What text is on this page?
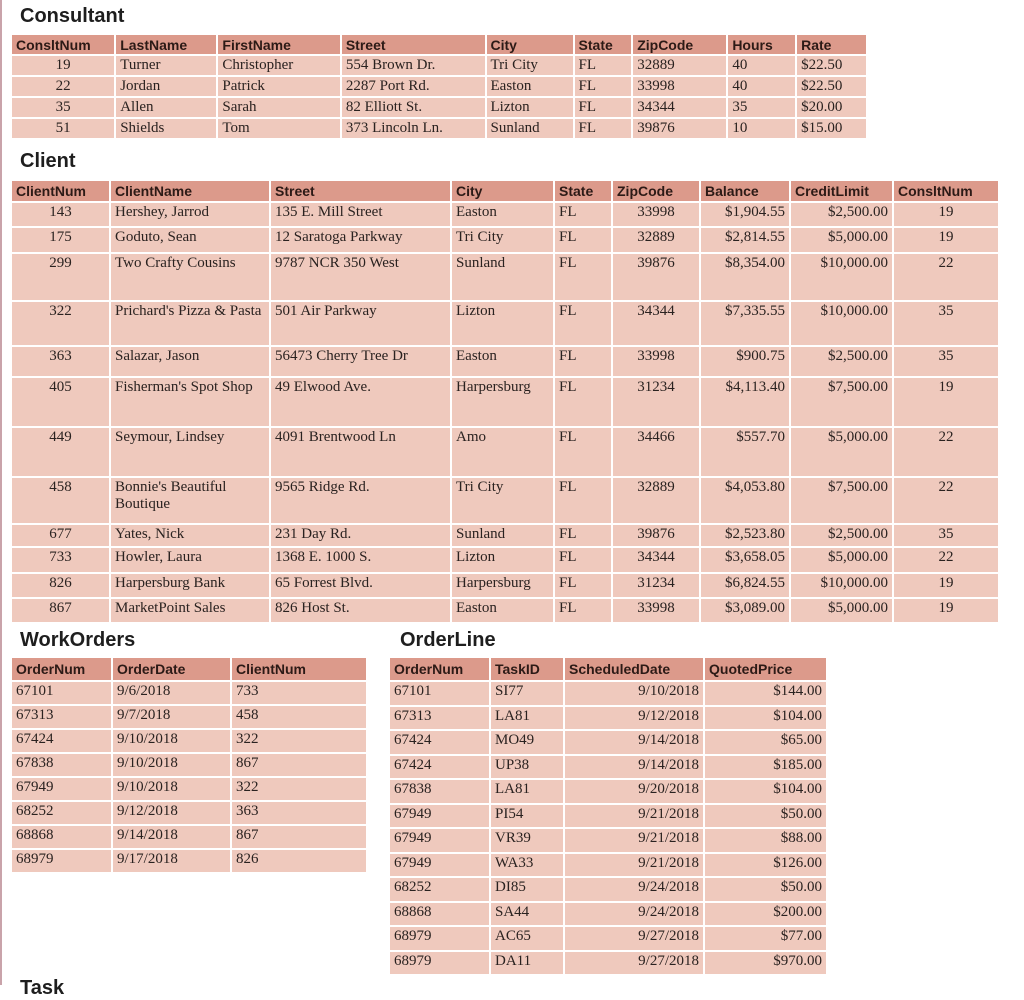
Consultant
ConsltNum	LastName	FirstName	Street	City	State	ZipCode	Hours	Rate
19	Turner	Christopher	554 Brown Dr.	Tri City	FL	32889	40	$22.50
22	Jordan	Patrick	2287 Port Rd.	Easton	FL	33998	40	$22.50
35	Allen	Sarah	82 Elliott St.	Lizton	FL	34344	35	$20.00
51	Shields	Tom	373 Lincoln Ln.	Sunland	FL	39876	10	$15.00
Client
ClientNum	ClientName	Street	City	State	ZipCode	Balance	CreditLimit	ConsltNum
143	Hershey, Jarrod	135 E. Mill Street	Easton	FL	33998	$1,904.55	$2,500.00	19
175	Goduto, Sean	12 Saratoga Parkway	Tri City	FL	32889	$2,814.55	$5,000.00	19
299	Two Crafty Cousins	9787 NCR 350 West	Sunland	FL	39876	$8,354.00	$10,000.00	22
322	Prichard's Pizza & Pasta	501 Air Parkway	Lizton	FL	34344	$7,335.55	$10,000.00	35
363	Salazar, Jason	56473 Cherry Tree Dr	Easton	FL	33998	$900.75	$2,500.00	35
405	Fisherman's Spot Shop	49 Elwood Ave.	Harpersburg	FL	31234	$4,113.40	$7,500.00	19
449	Seymour, Lindsey	4091 Brentwood Ln	Amo	FL	34466	$557.70	$5,000.00	22
458	Bonnie's Beautiful Boutique	9565 Ridge Rd.	Tri City	FL	32889	$4,053.80	$7,500.00	22
677	Yates, Nick	231 Day Rd.	Sunland	FL	39876	$2,523.80	$2,500.00	35
733	Howler, Laura	1368 E. 1000 S.	Lizton	FL	34344	$3,658.05	$5,000.00	22
826	Harpersburg Bank	65 Forrest Blvd.	Harpersburg	FL	31234	$6,824.55	$10,000.00	19
867	MarketPoint Sales	826 Host St.	Easton	FL	33998	$3,089.00	$5,000.00	19
WorkOrders
OrderNum	OrderDate	ClientNum
67101	9/6/2018	733
67313	9/7/2018	458
67424	9/10/2018	322
67838	9/10/2018	867
67949	9/10/2018	322
68252	9/12/2018	363
68868	9/14/2018	867
68979	9/17/2018	826
OrderLine
OrderNum	TaskID	ScheduledDate	QuotedPrice
67101	SI77	9/10/2018	$144.00
67313	LA81	9/12/2018	$104.00
67424	MO49	9/14/2018	$65.00
67424	UP38	9/14/2018	$185.00
67838	LA81	9/20/2018	$104.00
67949	PI54	9/21/2018	$50.00
67949	VR39	9/21/2018	$88.00
67949	WA33	9/21/2018	$126.00
68252	DI85	9/24/2018	$50.00
68868	SA44	9/24/2018	$200.00
68979	AC65	9/27/2018	$77.00
68979	DA11	9/27/2018	$970.00
Task
